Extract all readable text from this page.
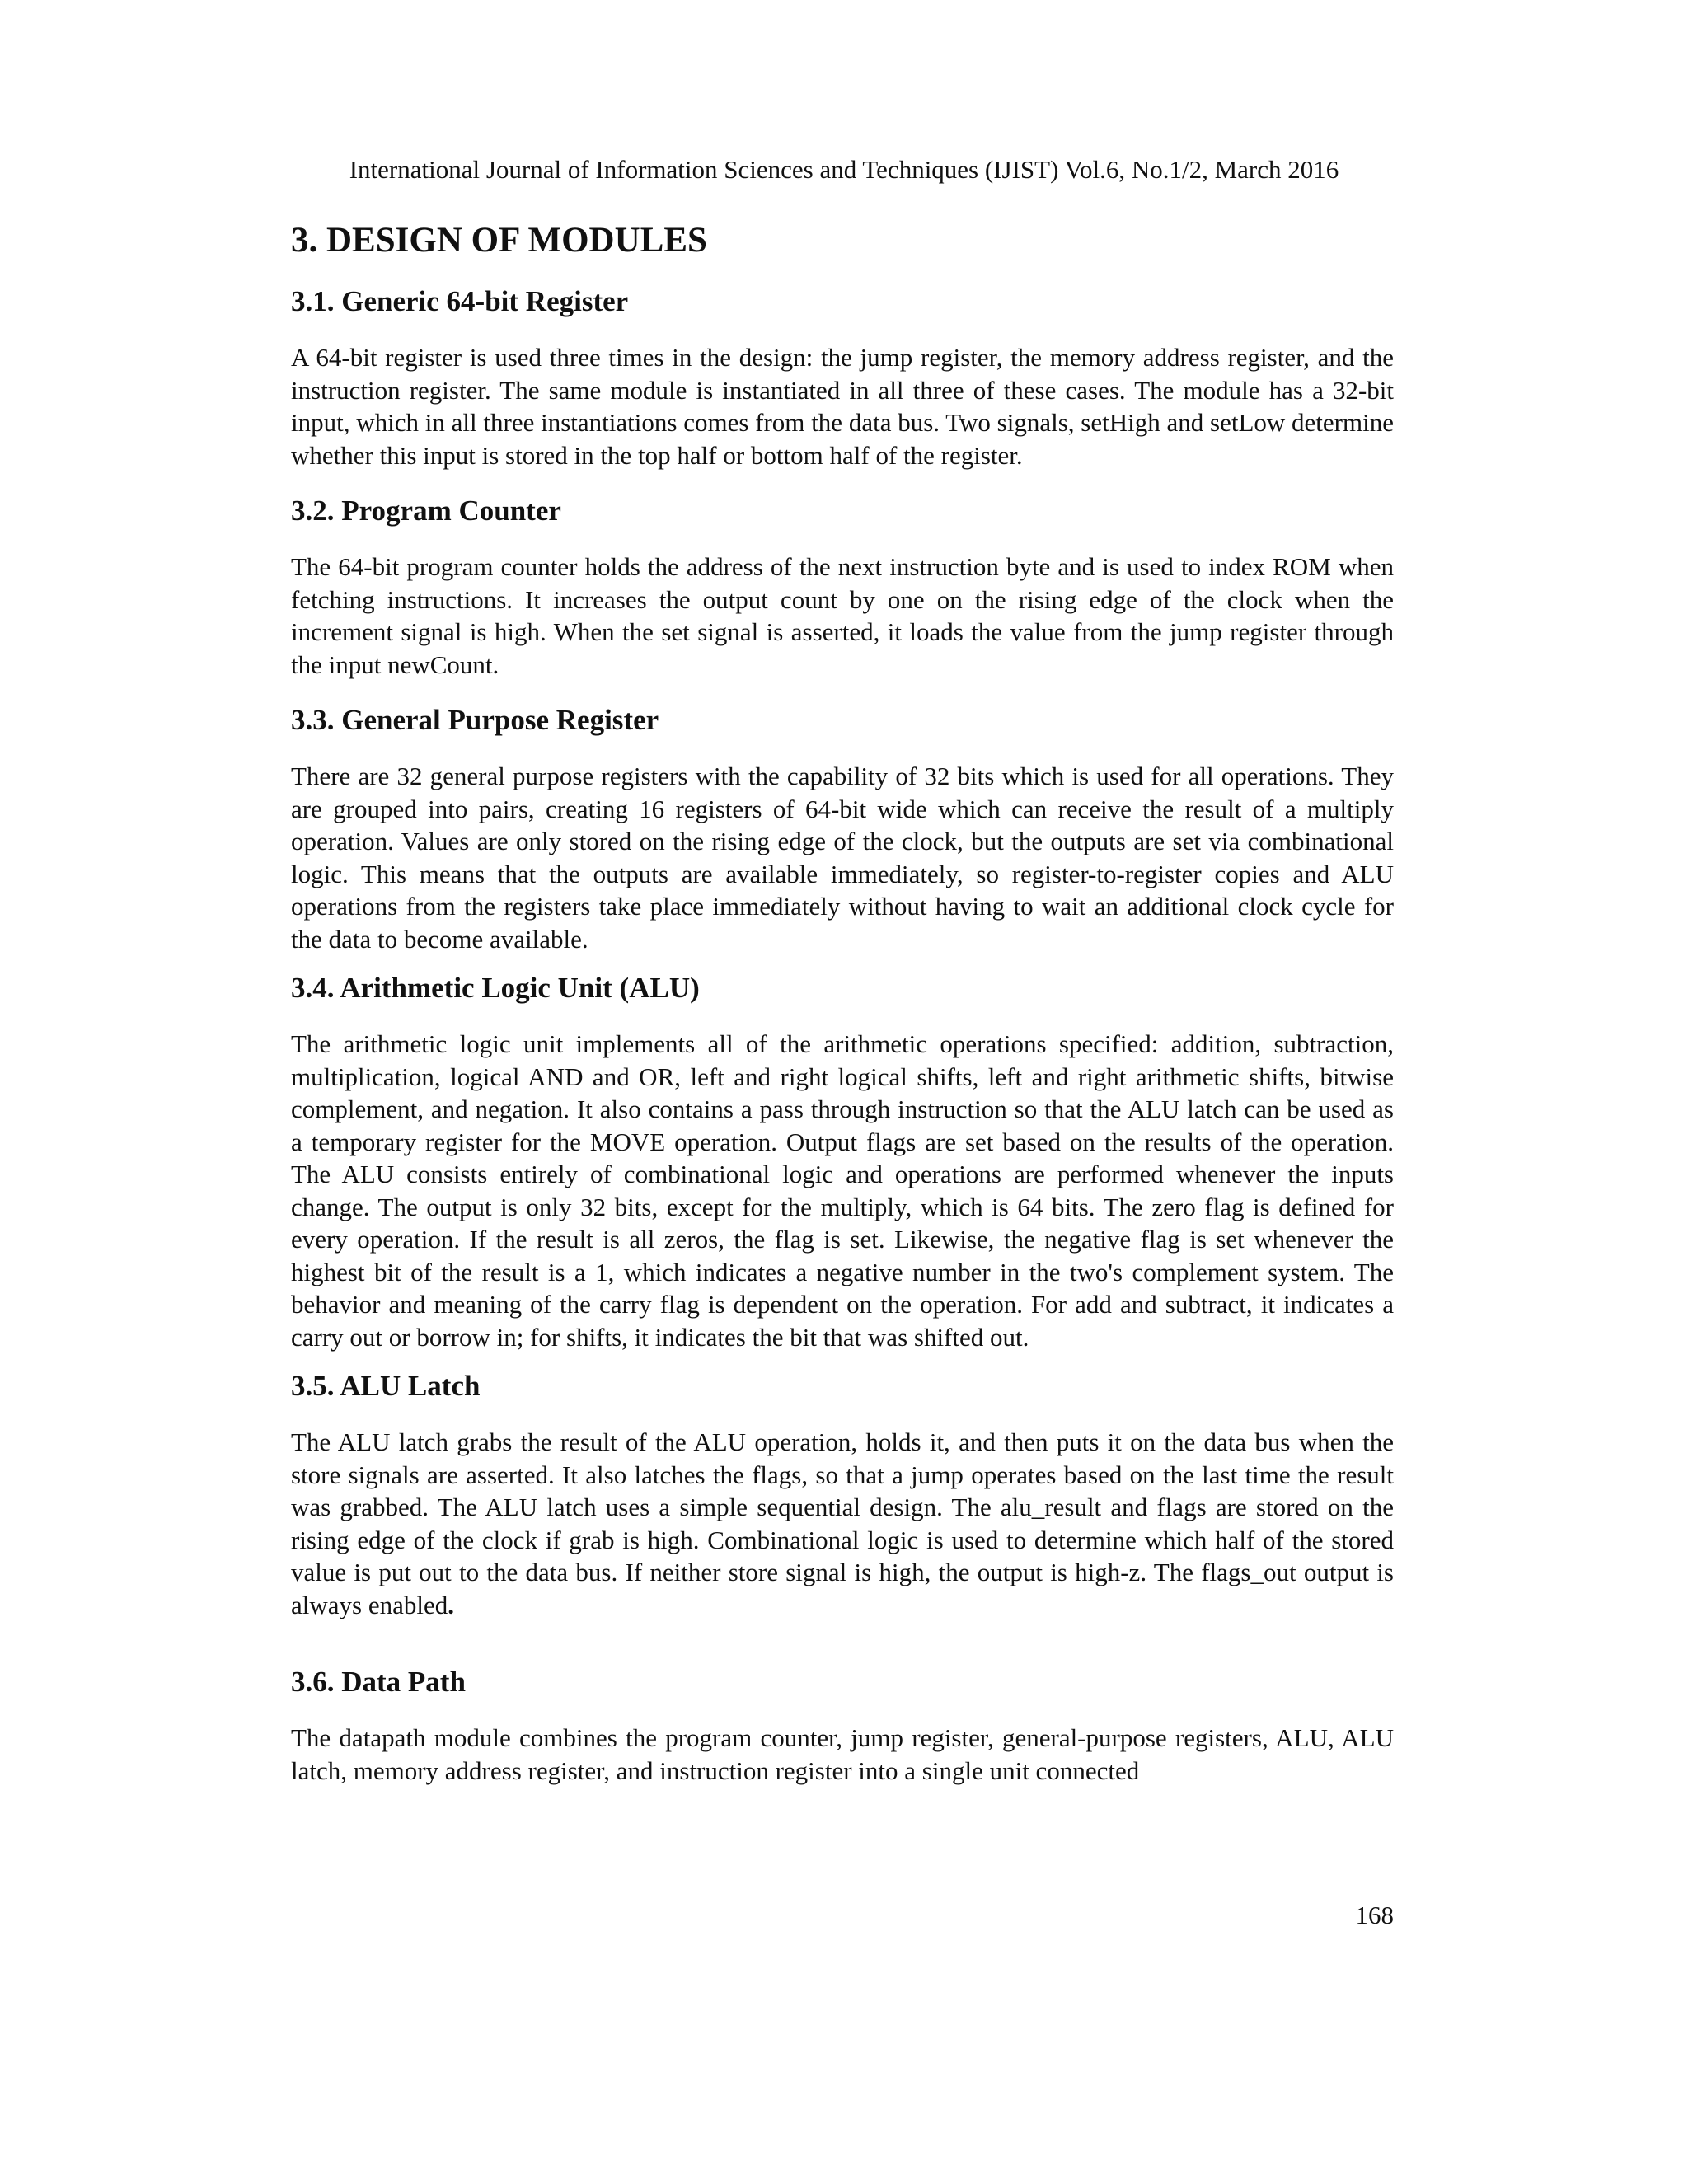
International Journal of Information Sciences and Techniques (IJIST) Vol.6, No.1/2, March 2016
3. DESIGN OF MODULES
3.1. Generic 64-bit Register

A 64-bit register is used three times in the design: the jump register, the memory address register, and the instruction register. The same module is instantiated in all three of these cases. The module has a 32-bit input, which in all three instantiations comes from the data bus. Two signals, setHigh and setLow determine whether this input is stored in the top half or bottom half of the register.

3.2. Program Counter

The 64-bit program counter holds the address of the next instruction byte and is used to index ROM when fetching instructions. It increases the output count by one on the rising edge of the clock when the increment signal is high. When the set signal is asserted, it loads the value from the jump register through the input newCount.

3.3. General Purpose Register

There are 32 general purpose registers with the capability of 32 bits which is used for all operations. They are grouped into pairs, creating 16 registers of 64-bit wide which can receive the result of a multiply operation. Values are only stored on the rising edge of the clock, but the outputs are set via combinational logic. This means that the outputs are available immediately, so register-to-register copies and ALU operations from the registers take place immediately without having to wait an additional clock cycle for the data to become available.

3.4. Arithmetic Logic Unit (ALU)

The arithmetic logic unit implements all of the arithmetic operations specified: addition, subtraction, multiplication, logical AND and OR, left and right logical shifts, left and right arithmetic shifts, bitwise complement, and negation. It also contains a pass through instruction so that the ALU latch can be used as a temporary register for the MOVE operation. Output flags are set based on the results of the operation. The ALU consists entirely of combinational logic and operations are performed whenever the inputs change. The output is only 32 bits, except for the multiply, which is 64 bits. The zero flag is defined for every operation. If the result is all zeros, the flag is set. Likewise, the negative flag is set whenever the highest bit of the result is a 1, which indicates a negative number in the two's complement system. The behavior and meaning of the carry flag is dependent on the operation. For add and subtract, it indicates a carry out or borrow in; for shifts, it indicates the bit that was shifted out.

3.5. ALU Latch

The ALU latch grabs the result of the ALU operation, holds it, and then puts it on the data bus when the store signals are asserted. It also latches the flags, so that a jump operates based on the last time the result was grabbed. The ALU latch uses a simple sequential design. The alu_result and flags are stored on the rising edge of the clock if grab is high. Combinational logic is used to determine which half of the stored value is put out to the data bus. If neither store signal is high, the output is high-z. The flags_out output is always enabled.

3.6. Data Path

The datapath module combines the program counter, jump register, general-purpose registers, ALU, ALU latch, memory address register, and instruction register into a single unit connected

168
